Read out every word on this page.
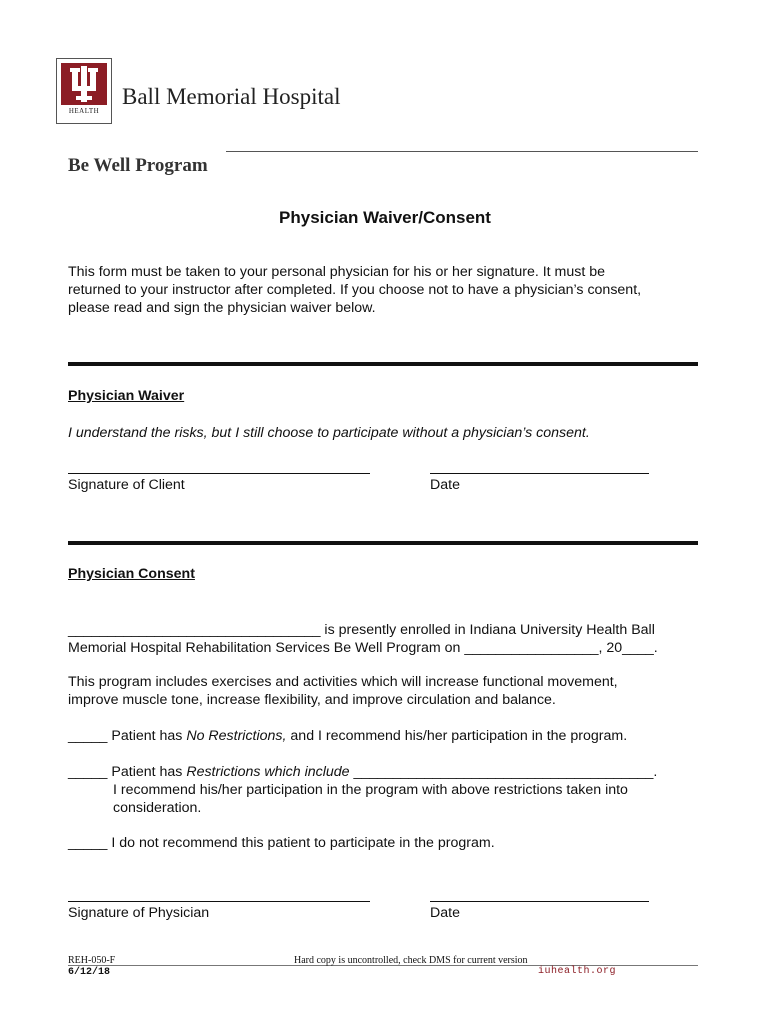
HEALTH
Ball Memorial Hospital
Be Well Program
Physician Waiver/Consent
This form must be taken to your personal physician for his or her signature. It must be
returned to your instructor after completed. If you choose not to have a physician’s consent,
please read and sign the physician waiver below.
Physician Waiver
I understand the risks, but I still choose to participate without a physician’s consent.
Signature of Client	Date
Physician Consent
________________________________ is presently enrolled in Indiana University Health Ball
Memorial Hospital Rehabilitation Services Be Well Program on _________________, 20____.
This program includes exercises and activities which will increase functional movement,
improve muscle tone, increase flexibility, and improve circulation and balance.
_____ Patient has No Restrictions, and I recommend his/her participation in the program.
_____ Patient has Restrictions which include ______________________________________.
I recommend his/her participation in the program with above restrictions taken into
consideration.
_____ I do not recommend this patient to participate in the program.
Signature of Physician	Date
REH-050-F
6/12/18
Hard copy is uncontrolled, check DMS for current version
iuhealth.org
